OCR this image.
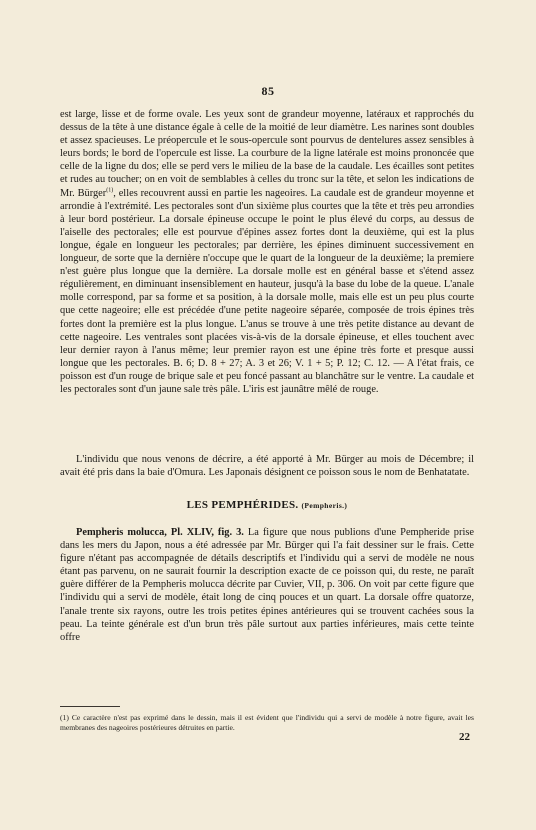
85

est large, lisse et de forme ovale. Les yeux sont de grandeur moyenne, latéraux et rapprochés du dessus de la tête à une distance égale à celle de la moitié de leur diamètre. Les narines sont doubles et assez spacieuses. Le préopercule et le sous-opercule sont pourvus de dentelures assez sensibles à leurs bords; le bord de l'opercule est lisse. La courbure de la ligne latérale est moins prononcée que celle de la ligne du dos; elle se perd vers le milieu de la base de la caudale. Les écailles sont petites et rudes au toucher; on en voit de semblables à celles du tronc sur la tête, et selon les indications de Mr. Bürger$^{(1)}$, elles recouvrent aussi en partie les nageoires. La caudale est de grandeur moyenne et arrondie à l'extrémité. Les pectorales sont d'un sixième plus courtes que la tête et très peu arrondies à leur bord postérieur. La dorsale épineuse occupe le point le plus élevé du corps, au dessus de l'aiselle des pectorales; elle est pourvue d'épines assez fortes dont la deuxième, qui est la plus longue, égale en longueur les pectorales; par derrière, les épines diminuent successivement en longueur, de sorte que la dernière n'occupe que le quart de la longueur de la deuxième; la premiere n'est guère plus longue que la dernière. La dorsale molle est en général basse et s'étend assez régulièrement, en diminuant insensiblement en hauteur, jusqu'à la base du lobe de la queue. L'anale molle correspond, par sa forme et sa position, à la dorsale molle, mais elle est un peu plus courte que cette nageoire; elle est précédée d'une petite nageoire séparée, composée de trois épines très fortes dont la première est la plus longue. L'anus se trouve à une très petite distance au devant de cette nageoire. Les ventrales sont placées vis-à-vis de la dorsale épineuse, et elles touchent avec leur dernier rayon à l'anus même; leur premier rayon est une épine très forte et presque aussi longue que les pectorales. B. 6; D. 8 + 27; A. 3 et 26; V. 1 + 5; P. 12; C. 12. — A l'état frais, ce poisson est d'un rouge de brique sale et peu foncé passant au blanchâtre sur le ventre. La caudale et les pectorales sont d'un jaune sale très pâle. L'iris est jaunâtre mêlé de rouge.

L'individu que nous venons de décrire, a été apporté à Mr. Bürger au mois de Décembre; il avait été pris dans la baie d'Omura. Les Japonais désignent ce poisson sous le nom de Benhatatate.

LES PEMPHÉRIDES. (Pempheris.)

Pempheris molucca, Pl. XLIV, fig. 3. La figure que nous publions d'une Pempheride prise dans les mers du Japon, nous a été adressée par Mr. Bürger qui l'a fait dessiner sur le frais. Cette figure n'étant pas accompagnée de détails descriptifs et l'individu qui a servi de modèle ne nous étant pas parvenu, on ne saurait fournir la description exacte de ce poisson qui, du reste, ne paraît guère différer de la Pempheris molucca décrite par Cuvier, VII, p. 306. On voit par cette figure que l'individu qui a servi de modèle, était long de cinq pouces et un quart. La dorsale offre quatorze, l'anale trente six rayons, outre les trois petites épines antérieures qui se trouvent cachées sous la peau. La teinte générale est d'un brun très pâle surtout aux parties inférieures, mais cette teinte offre

(1) Ce caractère n'est pas exprimé dans le dessin, mais il est évident que l'individu qui a servi de modèle à notre figure, avait les membranes des nageoires postérieures détruites en partie.
22
